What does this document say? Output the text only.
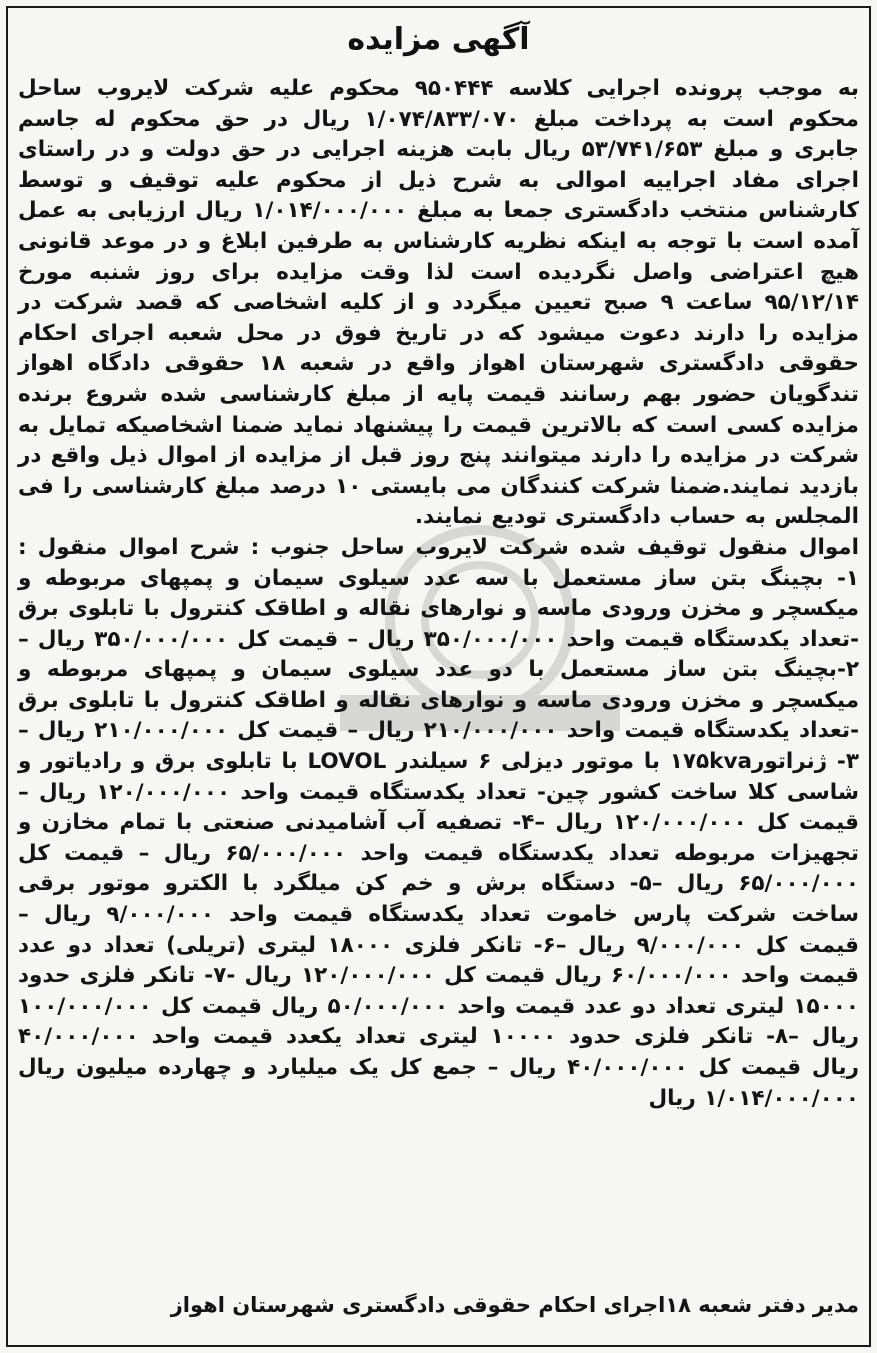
آگهی مزایده
به موجب پرونده اجرایی کلاسه ۹۵۰۴۴۴ محکوم علیه شرکت لایروب ساحل محکوم است به پرداخت مبلغ ۱/۰۷۴/۸۳۳/۰۷۰ ریال در حق محکوم له جاسم جابری و مبلغ ۵۳/۷۴۱/۶۵۳ ریال بابت هزینه اجرایی در حق دولت و در راستای اجرای مفاد اجراییه اموالی به شرح ذیل از محکوم علیه توقیف و توسط کارشناس منتخب دادگستری جمعا به مبلغ ۱/۰۱۴/۰۰۰/۰۰۰ ریال ارزیابی به عمل آمده است با توجه به اینکه نظریه کارشناس به طرفین ابلاغ و در موعد قانونی هیچ اعتراضی واصل نگردیده است لذا وقت مزایده برای روز شنبه مورخ ۹۵/۱۲/۱۴ ساعت ۹ صبح تعیین میگردد و از کلیه اشخاصی که قصد شرکت در مزایده را دارند دعوت میشود که در تاریخ فوق در محل شعبه اجرای احکام حقوقی دادگستری شهرستان اهواز واقع در شعبه ۱۸ حقوقی دادگاه اهواز تندگویان حضور بهم رسانند قیمت پایه از مبلغ کارشناسی شده شروع برنده مزایده کسی است که بالاترین قیمت را پیشنهاد نماید ضمنا اشخاصیکه تمایل به شرکت در مزایده را دارند میتوانند پنج روز قبل از مزایده از اموال ذیل واقع در بازدید نمایند.ضمنا شرکت کنندگان می بایستی ۱۰ درصد مبلغ کارشناسی را فی المجلس به حساب دادگستری تودیع نمایند.
اموال منقول توقیف شده شرکت لایروب ساحل جنوب : شرح اموال منقول : ۱- بچینگ بتن ساز مستعمل با سه عدد سیلوی سیمان و پمپهای مربوطه و میکسچر و مخزن ورودی ماسه و نوارهای نقاله و اطاقک کنترول با تابلوی برق -تعداد یکدستگاه قیمت واحد ۳۵۰/۰۰۰/۰۰۰ ریال – قیمت کل ۳۵۰/۰۰۰/۰۰۰ ریال –۲-بچینگ بتن ساز مستعمل با دو عدد سیلوی سیمان و پمپهای مربوطه و میکسچر و مخزن ورودی ماسه و نوارهای نقاله و اطاقک کنترول با تابلوی برق -تعداد یکدستگاه قیمت واحد ۲۱۰/۰۰۰/۰۰۰ ریال – قیمت کل ۲۱۰/۰۰۰/۰۰۰ ریال –۳- ژنراتور۱۷۵kva با موتور دیزلی ۶ سیلندر LOVOL با تابلوی برق و رادیاتور و شاسی کلا ساخت کشور چین- تعداد یکدستگاه قیمت واحد ۱۲۰/۰۰۰/۰۰۰ ریال –قیمت کل ۱۲۰/۰۰۰/۰۰۰ ریال –۴- تصفیه آب آشامیدنی صنعتی با تمام مخازن و تجهیزات مربوطه تعداد یکدستگاه قیمت واحد ۶۵/۰۰۰/۰۰۰ ریال – قیمت کل ۶۵/۰۰۰/۰۰۰ ریال –۵- دستگاه برش و خم کن میلگرد با الکترو موتور برقی ساخت شرکت پارس خاموت تعداد یکدستگاه قیمت واحد ۹/۰۰۰/۰۰۰ ریال – قیمت کل ۹/۰۰۰/۰۰۰ ریال –۶- تانکر فلزی ۱۸۰۰۰ لیتری (تریلی) تعداد دو عدد قیمت واحد ۶۰/۰۰۰/۰۰۰ ریال قیمت کل ۱۲۰/۰۰۰/۰۰۰ ریال -۷- تانکر فلزی حدود ۱۵۰۰۰ لیتری تعداد دو عدد قیمت واحد ۵۰/۰۰۰/۰۰۰ ریال قیمت کل ۱۰۰/۰۰۰/۰۰۰ ریال –۸- تانکر فلزی حدود ۱۰۰۰۰ لیتری تعداد یکعدد قیمت واحد ۴۰/۰۰۰/۰۰۰ ریال قیمت کل ۴۰/۰۰۰/۰۰۰ ریال – جمع کل یک میلیارد و چهارده میلیون ریال ۱/۰۱۴/۰۰۰/۰۰۰ ریال
مدیر دفتر شعبه ۱۸اجرای احکام حقوقی دادگستری شهرستان اهواز
